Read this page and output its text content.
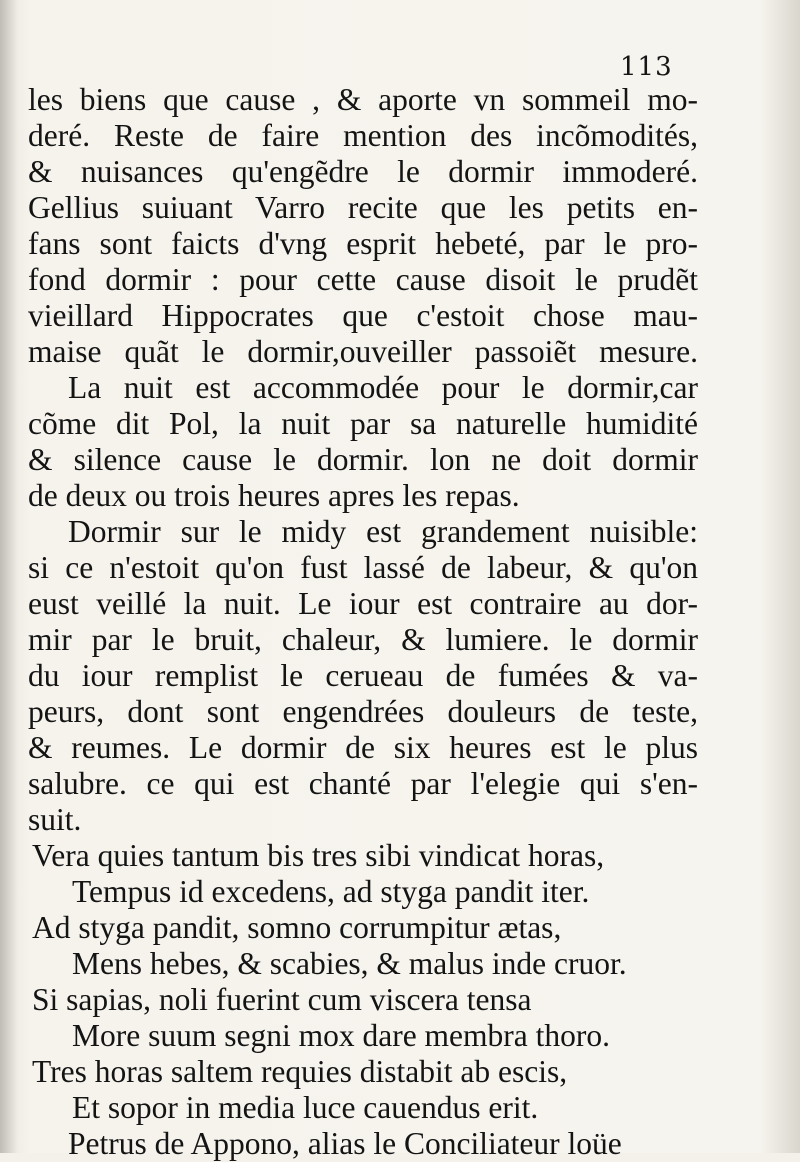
113
les biens que cause , & aporte vn sommeil mo-
deré. Reste de faire mention des incõmodités,
& nuisances qu'engẽdre le dormir immoderé.
Gellius suiuant Varro recite que les petits en-
fans sont faicts d'vng esprit hebeté, par le pro-
fond dormir : pour cette cause disoit le prudẽt
vieillard Hippocrates que c'estoit chose mau-
maise quãt le dormir,ouveiller passoiẽt mesure.
La nuit est accommodée pour le dormir,car
cõme dit Pol, la nuit par sa naturelle humidité
& silence cause le dormir. lon ne doit dormir
de deux ou trois heures apres les repas.
Dormir sur le midy est grandement nuisible:
si ce n'estoit qu'on fust lassé de labeur, & qu'on
eust veillé la nuit. Le iour est contraire au dor-
mir par le bruit, chaleur, & lumiere. le dormir
du iour remplist le cerueau de fumées & va-
peurs, dont sont engendrées douleurs de teste,
& reumes. Le dormir de six heures est le plus
salubre. ce qui est chanté par l'elegie qui s'en-
suit.
Vera quies tantum bis tres sibi vindicat horas,
Tempus id excedens, ad styga pandit iter.
Ad styga pandit, somno corrumpitur ætas,
Mens hebes, & scabies, & malus inde cruor.
Si sapias, noli fuerint cum viscera tensa
More suum segni mox dare membra thoro.
Tres horas saltem requies distabit ab escis,
Et sopor in media luce cauendus erit.
Petrus de Appono, alias le Conciliateur loüe
